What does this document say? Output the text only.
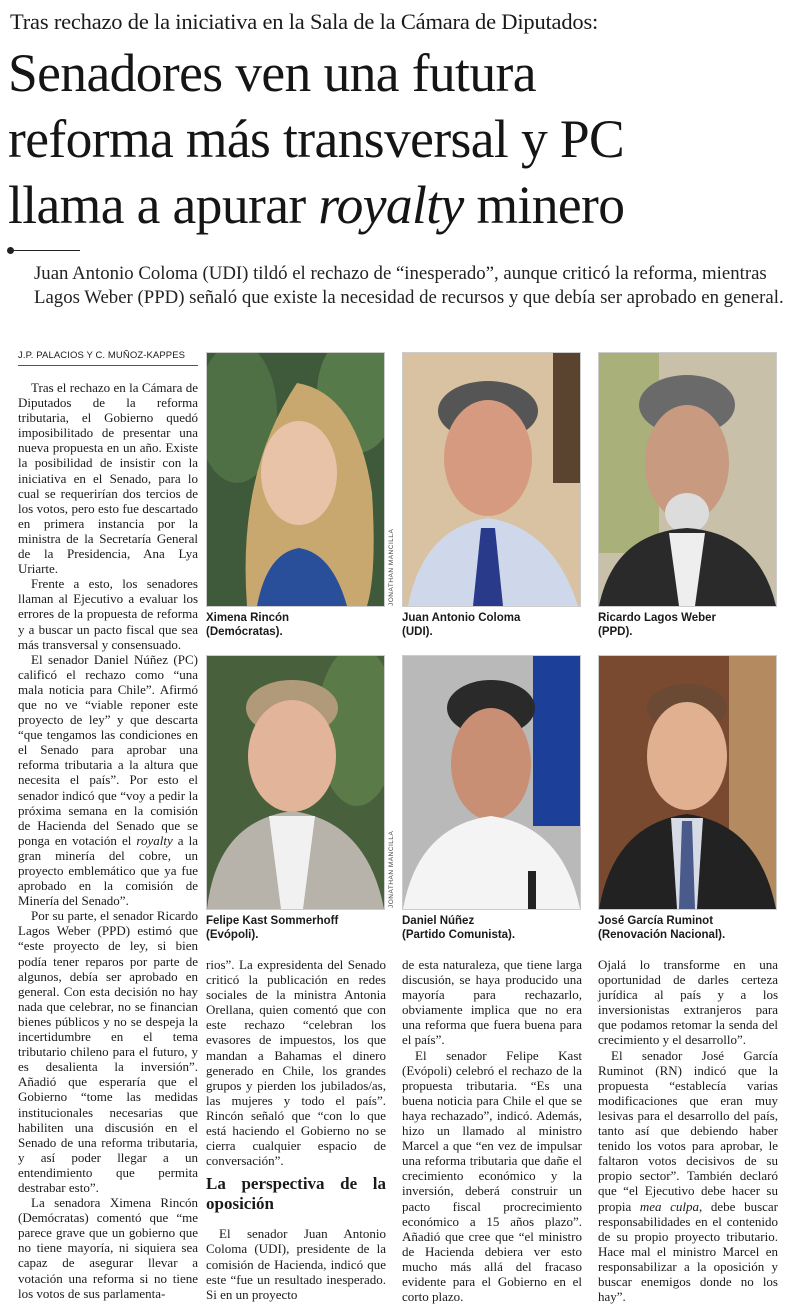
Tras rechazo de la iniciativa en la Sala de la Cámara de Diputados:
Senadores ven una futura
reforma más transversal y PC
llama a apurar royalty minero
Juan Antonio Coloma (UDI) tildó el rechazo de “inesperado”, aunque criticó la reforma, mientras Lagos Weber (PPD) señaló que existe la necesidad de recursos y que debía ser aprobado en general.
J.P. PALACIOS Y C. MUÑOZ-KAPPES

Tras el rechazo en la Cámara de Diputados de la reforma tributaria, el Gobierno quedó imposibilitado de presentar una nueva propuesta en un año. Existe la posibilidad de insistir con la iniciativa en el Senado, para lo cual se requerirían dos tercios de los votos, pero esto fue descartado en primera instancia por la ministra de la Secretaría General de la Presidencia, Ana Lya Uriarte.

Frente a esto, los senadores llaman al Ejecutivo a evaluar los errores de la propuesta de reforma y a buscar un pacto fiscal que sea más transversal y consensuado.

El senador Daniel Núñez (PC) calificó el rechazo como “una mala noticia para Chile”. Afirmó que no ve “viable reponer este proyecto de ley” y que descarta “que tengamos las condiciones en el Senado para aprobar una reforma tributaria a la altura que necesita el país”. Por esto el senador indicó que “voy a pedir la próxima semana en la comisión de Hacienda del Senado que se ponga en votación el royalty a la gran minería del cobre, un proyecto emblemático que ya fue aprobado en la comisión de Minería del Senado”.

Por su parte, el senador Ricardo Lagos Weber (PPD) estimó que “este proyecto de ley, si bien podía tener reparos por parte de algunos, debía ser aprobado en general. Con esta decisión no hay nada que celebrar, no se financian bienes públicos y no se despeja la incertidumbre en el tema tributario chileno para el futuro, y es desalienta la inversión”. Añadió que esperaría que el Gobierno “tome las medidas institucionales necesarias que habiliten una discusión en el Senado de una reforma tributaria, y así poder llegar a un entendimiento que permita destrabar esto”.

La senadora Ximena Rincón (Demócratas) comentó que “me parece grave que un gobierno que no tiene mayoría, ni siquiera sea capaz de asegurar llevar a votación una reforma si no tiene los votos de sus parlamenta-

JONATHAN MANCILLA
Ximena Rincón
(Demócratas).
Juan Antonio Coloma
(UDI).
Ricardo Lagos Weber
(PPD).
JONATHAN MANCILLA
Felipe Kast Sommerhoff
(Evópoli).
Daniel Núñez
(Partido Comunista).
José García Ruminot
(Renovación Nacional).

rios”. La expresidenta del Senado criticó la publicación en redes sociales de la ministra Antonia Orellana, quien comentó que con este rechazo “celebran los evasores de impuestos, los que mandan a Bahamas el dinero generado en Chile, los grandes grupos y pierden los jubilados/as, las mujeres y todo el país”. Rincón señaló que “con lo que está haciendo el Gobierno no se cierra cualquier espacio de conversación”.

La perspectiva de la oposición

El senador Juan Antonio Coloma (UDI), presidente de la comisión de Hacienda, indicó que este “fue un resultado inesperado. Si en un proyecto

de esta naturaleza, que tiene larga discusión, se haya producido una mayoría para rechazarlo, obviamente implica que no era una reforma que fuera buena para el país”.

El senador Felipe Kast (Evópoli) celebró el rechazo de la propuesta tributaria. “Es una buena noticia para Chile el que se haya rechazado”, indicó. Además, hizo un llamado al ministro Marcel a que “en vez de impulsar una reforma tributaria que dañe el crecimiento económico y la inversión, deberá construir un pacto fiscal procrecimiento económico a 15 años plazo”. Añadió que cree que “el ministro de Hacienda debiera ver esto mucho más allá del fracaso evidente para el Gobierno en el corto plazo.

Ojalá lo transforme en una oportunidad de darles certeza jurídica al país y a los inversionistas extranjeros para que podamos retomar la senda del crecimiento y el desarrollo”.

El senador José García Ruminot (RN) indicó que la propuesta “establecía varias modificaciones que eran muy lesivas para el desarrollo del país, tanto así que debiendo haber tenido los votos para aprobar, le faltaron votos decisivos de su propio sector”. También declaró que “el Ejecutivo debe hacer su propia mea culpa, debe buscar responsabilidades en el contenido de su propio proyecto tributario. Hace mal el ministro Marcel en responsabilizar a la oposición y buscar enemigos donde no los hay”.
